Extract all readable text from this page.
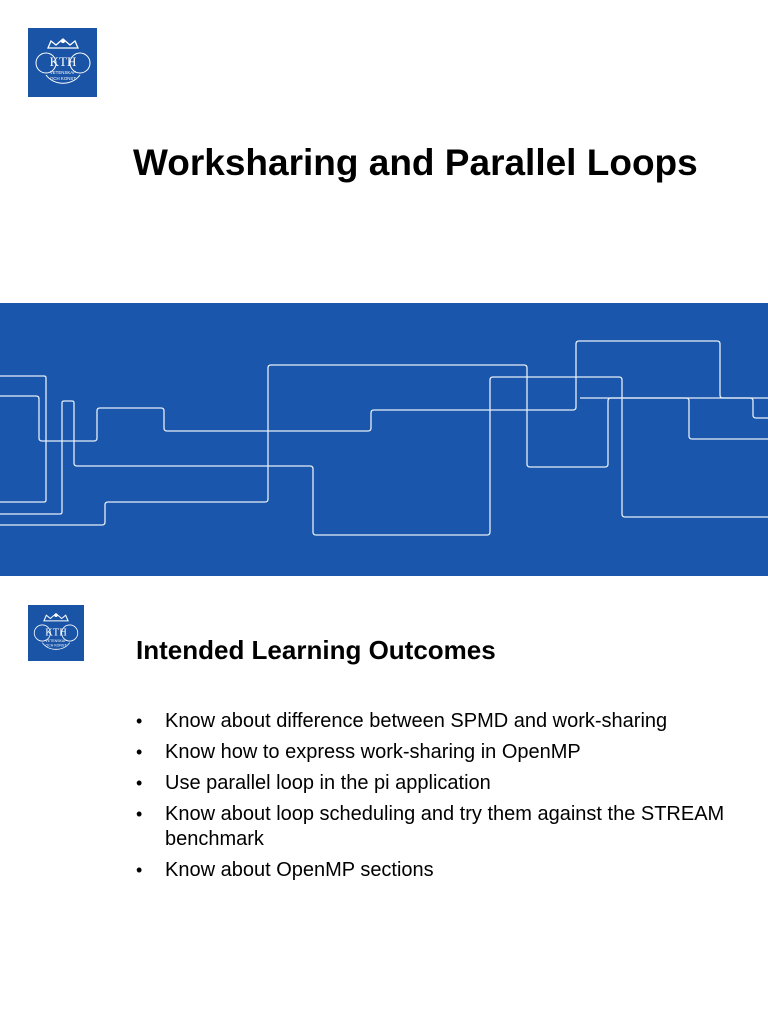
KTH
VETENSKAP
OCH KONST
Worksharing and Parallel Loops
KTH
VETENSKAP
OCH KONST	Intended Learning Outcomes
• Know about difference between SPMD and work-sharing
• Know how to express work-sharing in OpenMP
• Use parallel loop in the pi application
• Know about loop scheduling and try them against the STREAM benchmark
• Know about OpenMP sections
